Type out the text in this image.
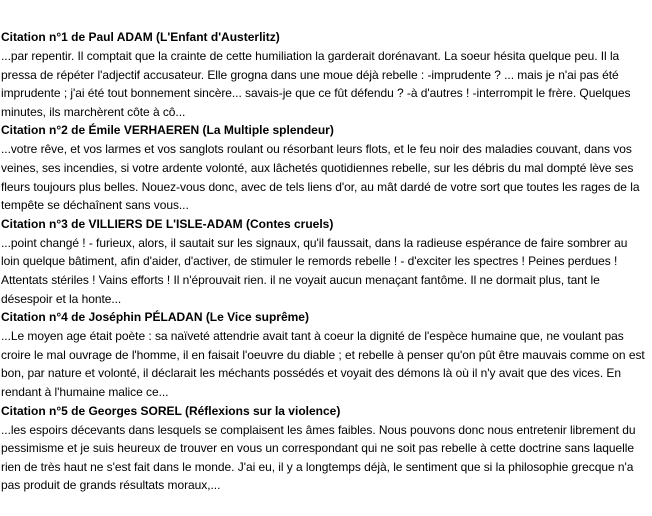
Citation n°1 de Paul ADAM (L'Enfant d'Austerlitz)

...par repentir. Il comptait que la crainte de cette humiliation la garderait dorénavant. La soeur hésita quelque peu. Il la pressa de répéter l'adjectif accusateur. Elle grogna dans une moue déjà rebelle : -imprudente ? ... mais je n'ai pas été imprudente ; j'ai été tout bonnement sincère... savais-je que ce fût défendu ? -à d'autres ! -interrompit le frère. Quelques minutes, ils marchèrent côte à cô...

Citation n°2 de Émile VERHAEREN (La Multiple splendeur)

...votre rêve, et vos larmes et vos sanglots roulant ou résorbant leurs flots, et le feu noir des maladies couvant, dans vos veines, ses incendies, si votre ardente volonté, aux lâchetés quotidiennes rebelle, sur les débris du mal dompté lève ses fleurs toujours plus belles. Nouez-vous donc, avec de tels liens d'or, au mât dardé de votre sort que toutes les rages de la tempête se déchaînent sans vous...

Citation n°3 de VILLIERS DE L'ISLE-ADAM (Contes cruels)

...point changé ! - furieux, alors, il sautait sur les signaux, qu'il faussait, dans la radieuse espérance de faire sombrer au loin quelque bâtiment, afin d'aider, d'activer, de stimuler le remords rebelle ! - d'exciter les spectres ! Peines perdues ! Attentats stériles ! Vains efforts ! Il n'éprouvait rien. il ne voyait aucun menaçant fantôme. Il ne dormait plus, tant le désespoir et la honte...

Citation n°4 de Joséphin PÉLADAN (Le Vice suprême)

...Le moyen age était poète : sa naïveté attendrie avait tant à coeur la dignité de l'espèce humaine que, ne voulant pas croire le mal ouvrage de l'homme, il en faisait l'oeuvre du diable ; et rebelle à penser qu'on pût être mauvais comme on est bon, par nature et volonté, il déclarait les méchants possédés et voyait des démons là où il n'y avait que des vices. En rendant à l'humaine malice ce...

Citation n°5 de Georges SOREL (Réflexions sur la violence)

...les espoirs décevants dans lesquels se complaisent les âmes faibles. Nous pouvons donc nous entretenir librement du pessimisme et je suis heureux de trouver en vous un correspondant qui ne soit pas rebelle à cette doctrine sans laquelle rien de très haut ne s'est fait dans le monde. J'ai eu, il y a longtemps déjà, le sentiment que si la philosophie grecque n'a pas produit de grands résultats moraux,...
